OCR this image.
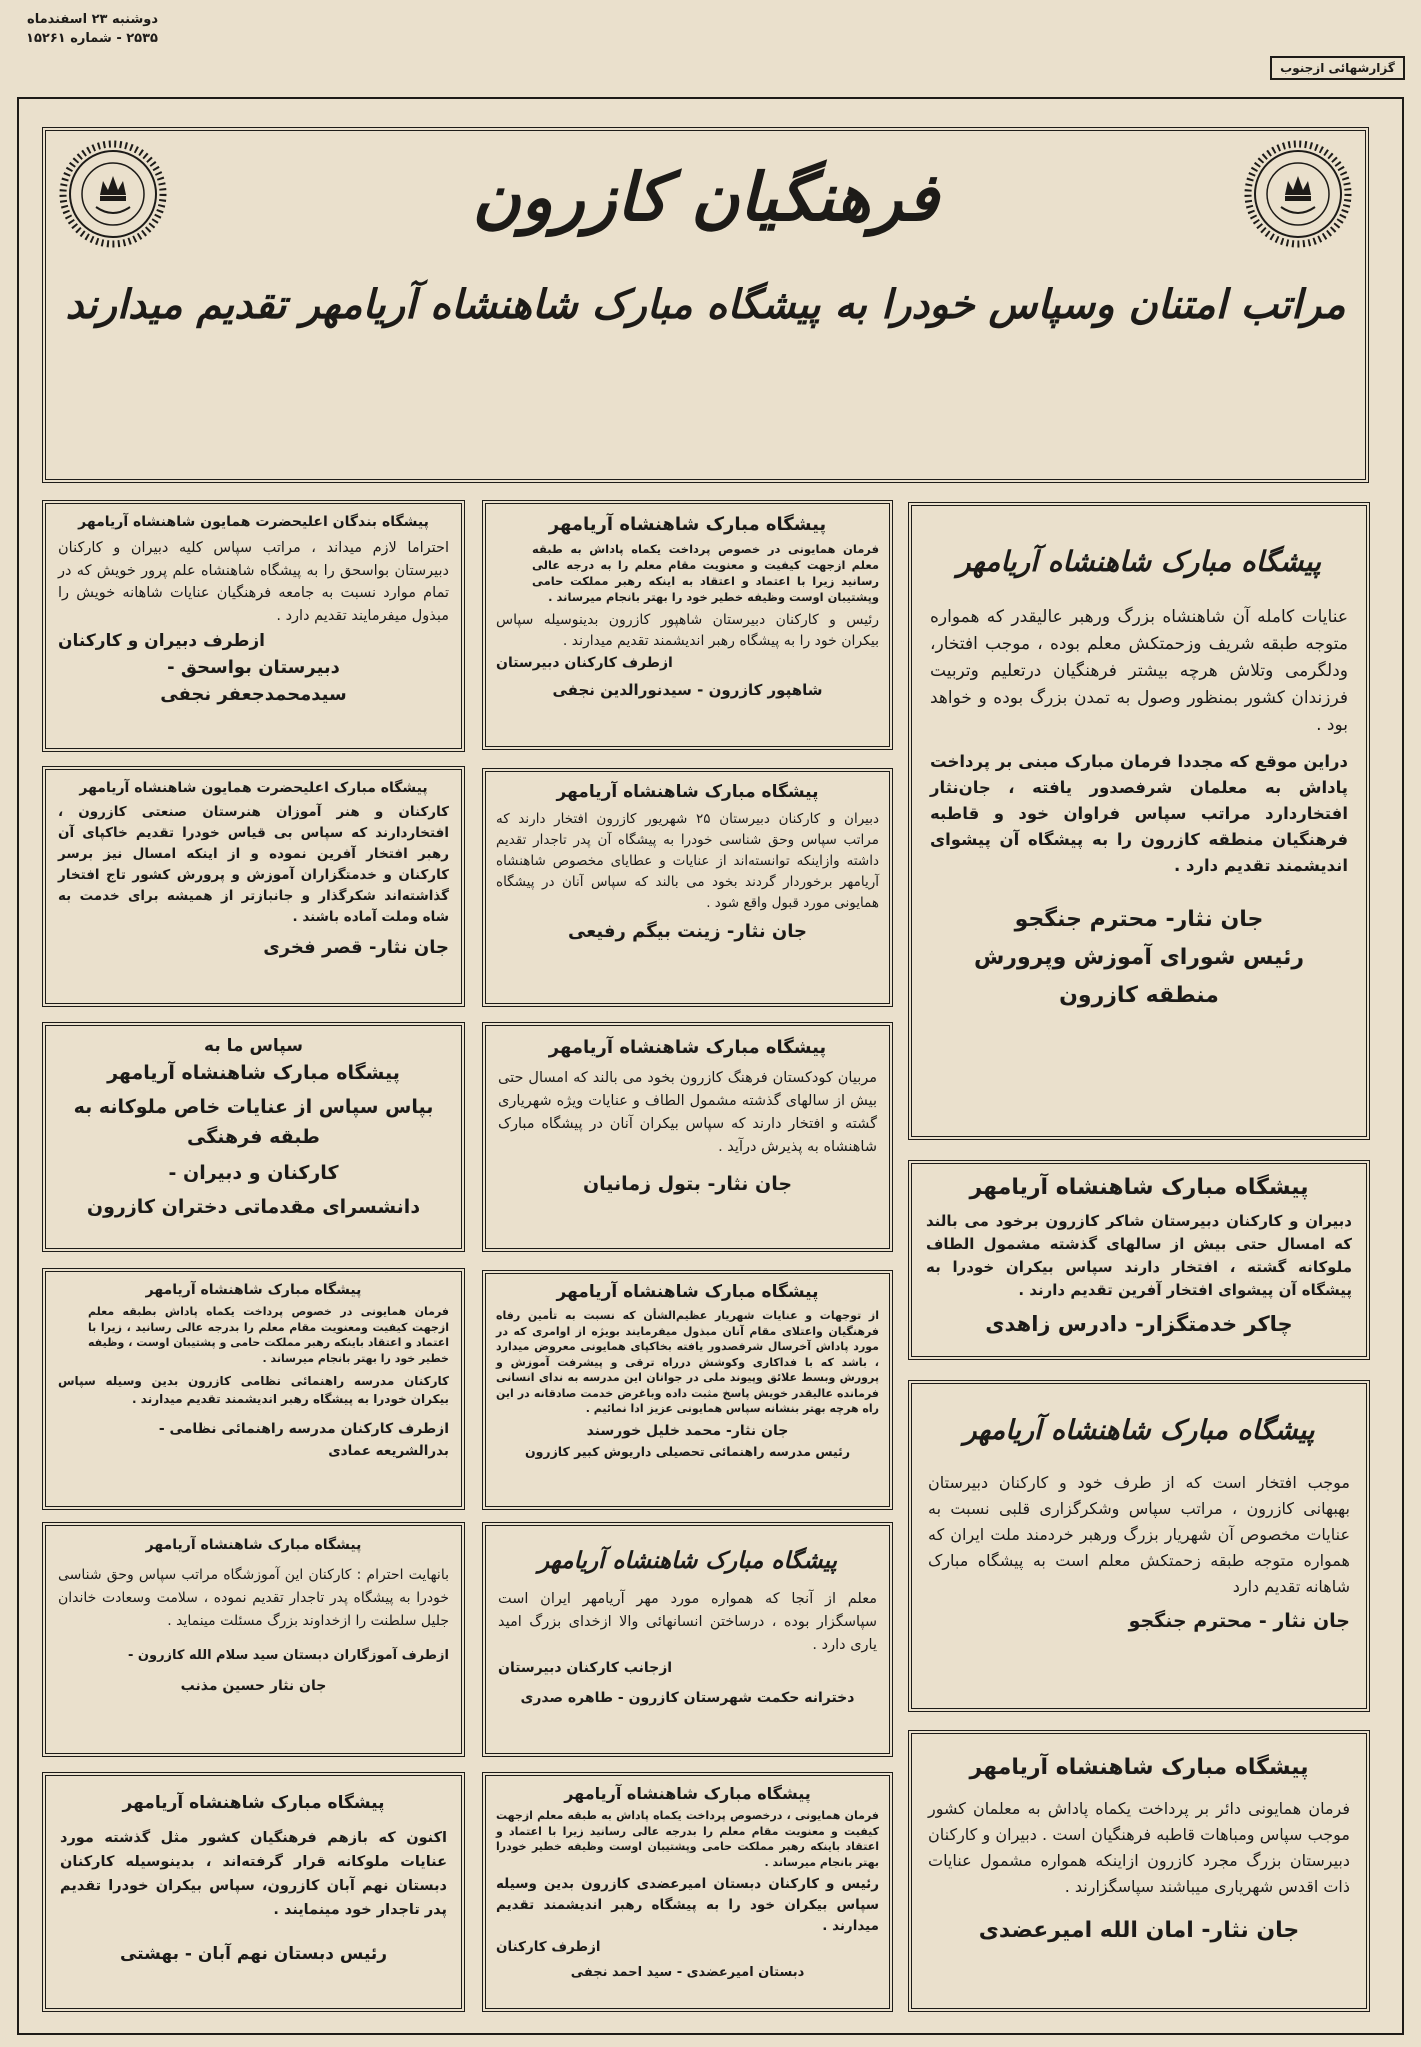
دوشنبه ۲۳ اسفندماه
۲۵۳۵ - شماره ۱۵۲۶۱
گزارشهائی ازجنوب
فرهنگیان کازرون
مراتب امتنان وسپاس خودرا به پیشگاه مبارک شاهنشاه آریامهر تقدیم میدارند
پیشگاه مبارک شاهنشاه آریامهر
عنایات کامله آن شاهنشاه بزرگ ورهبر عالیقدر که همواره متوجه طبقه شریف وزحمتکش معلم بوده ، موجب افتخار، ودلگرمی وتلاش هرچه بیشتر فرهنگیان درتعلیم وتربیت فرزندان کشور بمنظور وصول به تمدن بزرگ بوده و خواهد بود .
دراین موقع که مجددا فرمان مبارک مبنی بر پرداخت پاداش به معلمان شرفصدور یافته ، جان‌نثار افتخاردارد مراتب سپاس فراوان خود و قاطبه فرهنگیان منطقه کازرون را به پیشگاه آن پیشوای اندیشمند تقدیم دارد .
جان نثار- محترم جنگجو
رئیس شورای آموزش وپرورش
منطقه کازرون
پیشگاه مبارک شاهنشاه آریامهر
دبیران و کارکنان دبیرستان شاکر کازرون برخود می بالند که امسال حتی بیش از سالهای گذشته مشمول الطاف ملوکانه گشته ، افتخار دارند سپاس بیکران خودرا به پیشگاه آن پیشوای افتخار آفرین تقدیم دارند .
چاکر خدمتگزار- دادرس زاهدی
پیشگاه مبارک شاهنشاه آریامهر
موجب افتخار است که از طرف خود و کارکنان دبیرستان بهبهانی کازرون ، مراتب سپاس وشکرگزاری قلبی نسبت به عنایات مخصوص آن شهریار بزرگ ورهبر خردمند ملت ایران که همواره متوجه طبقه زحمتکش معلم است به پیشگاه مبارک شاهانه تقدیم دارد
جان نثار - محترم جنگجو
پیشگاه مبارک شاهنشاه آریامهر
فرمان همایونی دائر بر پرداخت یکماه پاداش به معلمان کشور موجب سپاس ومباهات قاطبه فرهنگیان است . دبیران و کارکنان دبیرستان بزرگ مجرد کازرون ازاینکه همواره مشمول عنایات ذات اقدس شهریاری میباشند سپاسگزارند .
جان نثار- امان الله امیرعضدی
پیشگاه مبارک شاهنشاه آریامهر
فرمان همایونی در خصوص پرداخت یکماه پاداش به طبقه معلم ازجهت کیفیت و معنویت مقام معلم را به درجه عالی رسانید زیرا با اعتماد و اعتقاد به اینکه رهبر مملکت حامی وپشتیبان اوست وظیفه خطیر خود را بهتر بانجام میرساند .
رئیس و کارکنان دبیرستان شاهپور کازرون بدینوسیله سپاس بیکران خود را به پیشگاه رهبر اندیشمند تقدیم میدارند .
ازطرف کارکنان دبیرستان
شاهپور کازرون - سیدنورالدین نجفی
پیشگاه مبارک شاهنشاه آریامهر
دبیران و کارکنان دبیرستان ۲۵ شهریور کازرون افتخار دارند که مراتب سپاس وحق شناسی خودرا به پیشگاه آن پدر تاجدار تقدیم داشته وازاینکه توانسته‌اند از عنایات و عطایای مخصوص شاهنشاه آریامهر برخوردار گردند بخود می بالند که سپاس آنان در پیشگاه همایونی مورد قبول واقع شود .
جان نثار- زینت بیگم رفیعی
پیشگاه مبارک شاهنشاه آریامهر
مربیان کودکستان فرهنگ کازرون بخود می بالند که امسال حتی بیش از سالهای گذشته مشمول الطاف و عنایات ویژه شهریاری گشته و افتخار دارند که سپاس بیکران آنان در پیشگاه مبارک شاهنشاه به پذیرش درآید .
جان نثار- بتول زمانیان
پیشگاه مبارک شاهنشاه آریامهر
از توجهات و عنایات شهریار عظیم‌الشأن که نسبت به تأمین رفاه فرهنگیان واعتلای مقام آنان مبذول میفرمایند بویژه از اوامری که در مورد پاداش آخرسال شرفصدور یافته بخاکپای همایونی معروض میدارد ، باشد که با فداکاری وکوشش درراه ترقی و پیشرفت آموزش و پرورش وبسط علائق وپیوند ملی در جوانان این مدرسه به ندای انسانی فرمانده عالیقدر خویش پاسخ مثبت داده وباغرض خدمت صادقانه در این راه هرچه بهتر بنشانه سپاس همایونی عزیز ادا نمائیم .
جان نثار- محمد خلیل خورسند
رئیس مدرسه راهنمائی تحصیلی داریوش کبیر کازرون
پیشگاه مبارک شاهنشاه آریامهر
معلم از آنجا که همواره مورد مهر آریامهر ایران است سپاسگزار بوده ، درساختن انسانهائی والا ازخدای بزرگ امید یاری دارد .
ازجانب کارکنان دبیرستان
دخترانه حکمت شهرستان کازرون - طاهره صدری
پیشگاه مبارک شاهنشاه آریامهر
فرمان همایونی ، درخصوص پرداخت یکماه پاداش به طبقه معلم ازجهت کیفیت و معنویت مقام معلم را بدرجه عالی رسانید زیرا با اعتماد و اعتقاد باینکه رهبر مملکت حامی وپشتیبان اوست وظیفه خطیر خودرا بهتر بانجام میرساند .
رئیس و کارکنان دبستان امیرعضدی کازرون بدین وسیله سپاس بیکران خود را به پیشگاه رهبر اندیشمند تقدیم میدارند .
ازطرف کارکنان
دبستان امیرعضدی - سید احمد نجفی
پیشگاه بندگان اعلیحضرت همایون شاهنشاه آریامهر
احتراما لازم میداند ، مراتب سپاس کلیه دبیران و کارکنان دبیرستان بواسحق را به پیشگاه شاهنشاه علم پرور خویش که در تمام موارد نسبت به جامعه فرهنگیان عنایات شاهانه خویش را مبذول میفرمایند تقدیم دارد .
ازطرف دبیران و کارکنان
دبیرستان بواسحق -
سیدمحمدجعفر نجفی
پیشگاه مبارک اعلیحضرت همایون شاهنشاه آریامهر
کارکنان و هنر آموزان هنرستان صنعتی کازرون ، افتخاردارند که سپاس بی قیاس خودرا تقدیم خاکپای آن رهبر افتخار آفرین نموده و از اینکه امسال نیز برسر کارکنان و خدمتگزاران آموزش و پرورش کشور تاج افتخار گذاشته‌اند شکرگذار و جانبازتر از همیشه برای خدمت به شاه وملت آماده باشند .
جان نثار- قصر فخری
سپاس ما به
پیشگاه مبارک شاهنشاه آریامهر
بپاس سپاس از عنایات خاص ملوکانه به طبقه فرهنگی
کارکنان و دبیران -
دانشسرای مقدماتی دختران کازرون
پیشگاه مبارک شاهنشاه آریامهر
فرمان همایونی در خصوص پرداخت یکماه پاداش بطبقه معلم ازجهت کیفیت ومعنویت مقام معلم را بدرجه عالی رسانید ، زیرا با اعتماد و اعتقاد باینکه رهبر مملکت حامی و پشتیبان اوست ، وظیفه خطیر خود را بهتر بانجام میرساند .
کارکنان مدرسه راهنمائی نظامی کازرون بدین وسیله سپاس بیکران خودرا به پیشگاه رهبر اندیشمند تقدیم میدارند .
ازطرف کارکنان مدرسه راهنمائی نظامی -
بدرالشریعه عمادی
پیشگاه مبارک شاهنشاه آریامهر
بانهایت احترام : کارکنان این آموزشگاه مراتب سپاس وحق شناسی خودرا به پیشگاه پدر تاجدار تقدیم نموده ، سلامت وسعادت خاندان جلیل سلطنت را ازخداوند بزرگ مسئلت مینماید .
ازطرف آموزگاران دبستان سید سلام الله کازرون -
جان نثار حسین مذنب
پیشگاه مبارک شاهنشاه آریامهر
اکنون که بازهم فرهنگیان کشور مثل گذشته مورد عنایات ملوکانه قرار گرفته‌اند ، بدینوسیله کارکنان دبستان نهم آبان کازرون، سپاس بیکران خودرا تقدیم پدر تاجدار خود مینمایند .
رئیس دبستان نهم آبان - بهشتی
